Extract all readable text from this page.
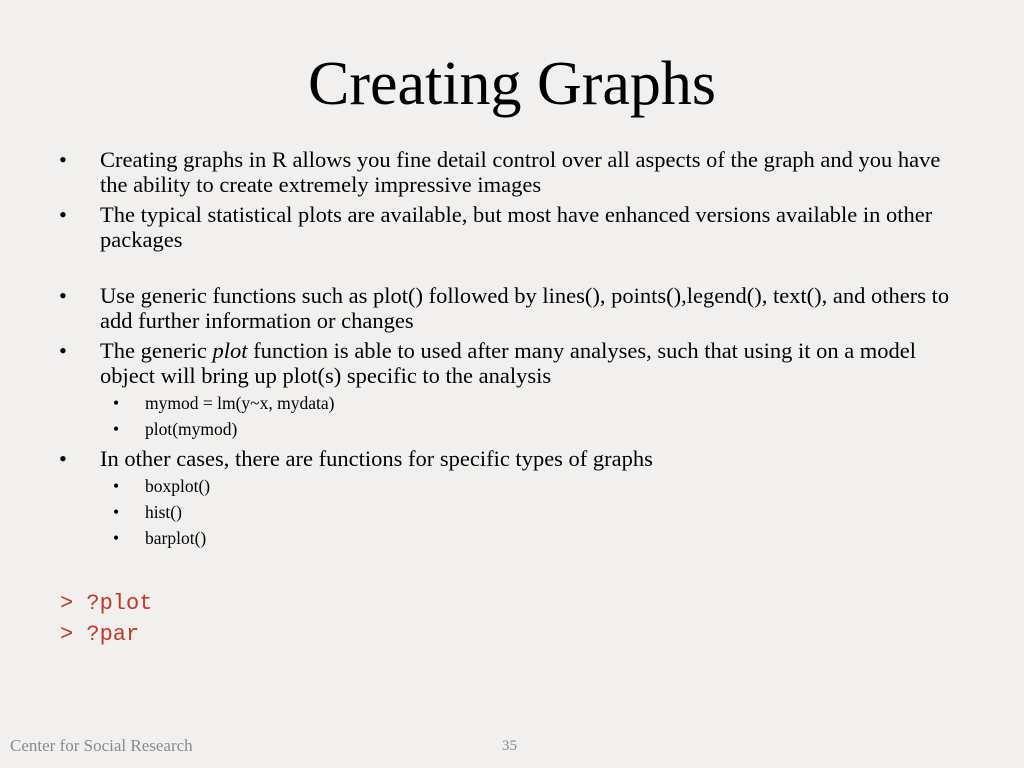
Creating Graphs
• Creating graphs in R allows you fine detail control over all aspects of the graph and you have the ability to create extremely impressive images
• The typical statistical plots are available, but most have enhanced versions available in other packages
• Use generic functions such as plot() followed by lines(), points(),legend(), text(), and others to add further information or changes
• The generic plot function is able to used after many analyses, such that using it on a model object will bring up plot(s) specific to the analysis
• mymod = lm(y~x, mydata)
• plot(mymod)
• In other cases, there are functions for specific types of graphs
• boxplot()
• hist()
• barplot()
> ?plot
> ?par
Center for Social Research	35
